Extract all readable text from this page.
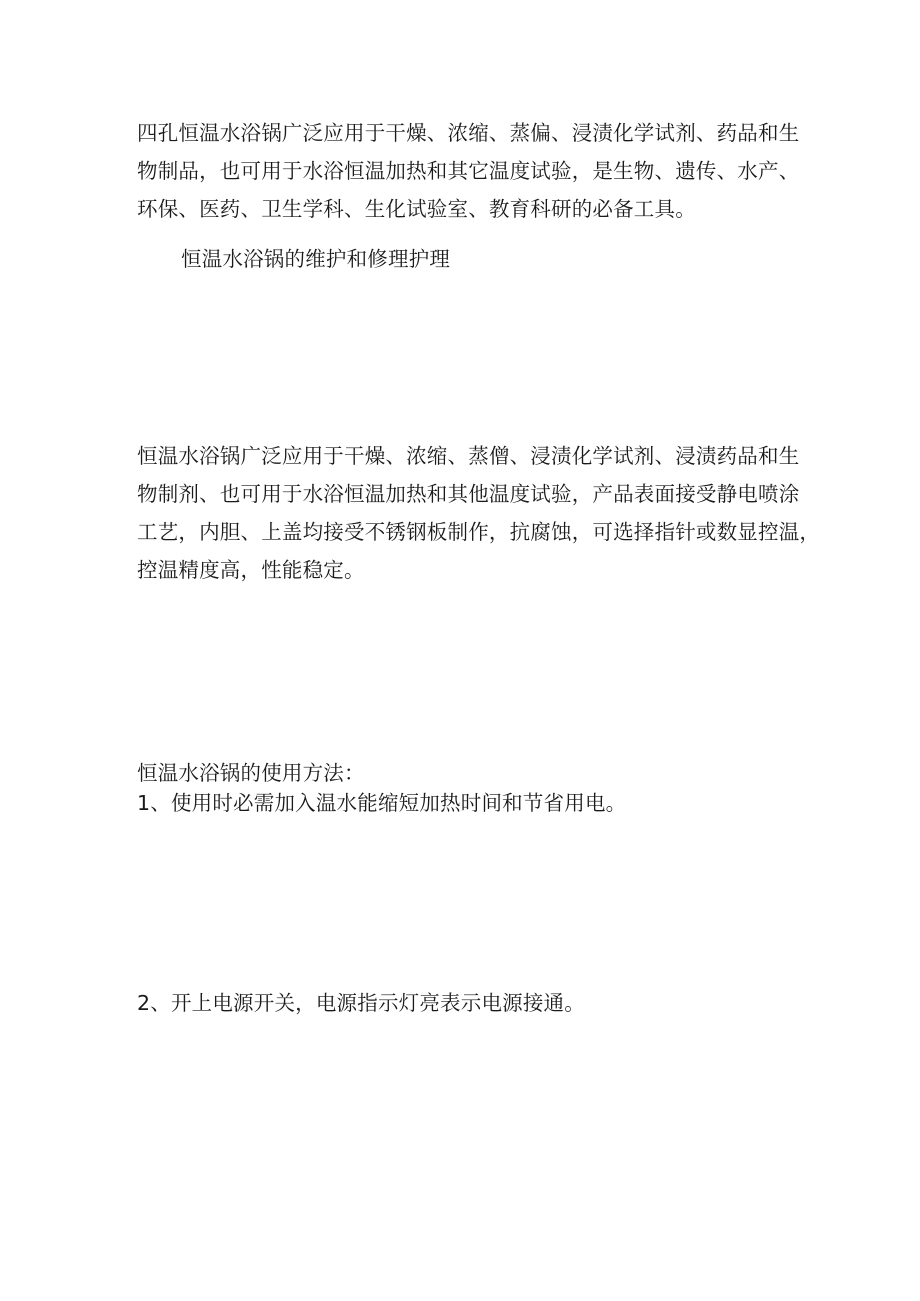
四孔恒温水浴锅广泛应用于干燥、浓缩、蒸偏、浸渍化学试剂、药品和生
物制品，也可用于水浴恒温加热和其它温度试验，是生物、遗传、水产、
环保、医药、卫生学科、生化试验室、教育科研的必备工具。

恒温水浴锅的维护和修理护理

恒温水浴锅广泛应用于干燥、浓缩、蒸僧、浸渍化学试剂、浸渍药品和生
物制剂、也可用于水浴恒温加热和其他温度试验，产品表面接受静电喷涂
工艺，内胆、上盖均接受不锈钢板制作，抗腐蚀，可选择指针或数显控温，
控温精度高，性能稳定。

恒温水浴锅的使用方法：

1、使用时必需加入温水能缩短加热时间和节省用电。

2、开上电源开关，电源指示灯亮表示电源接通。
